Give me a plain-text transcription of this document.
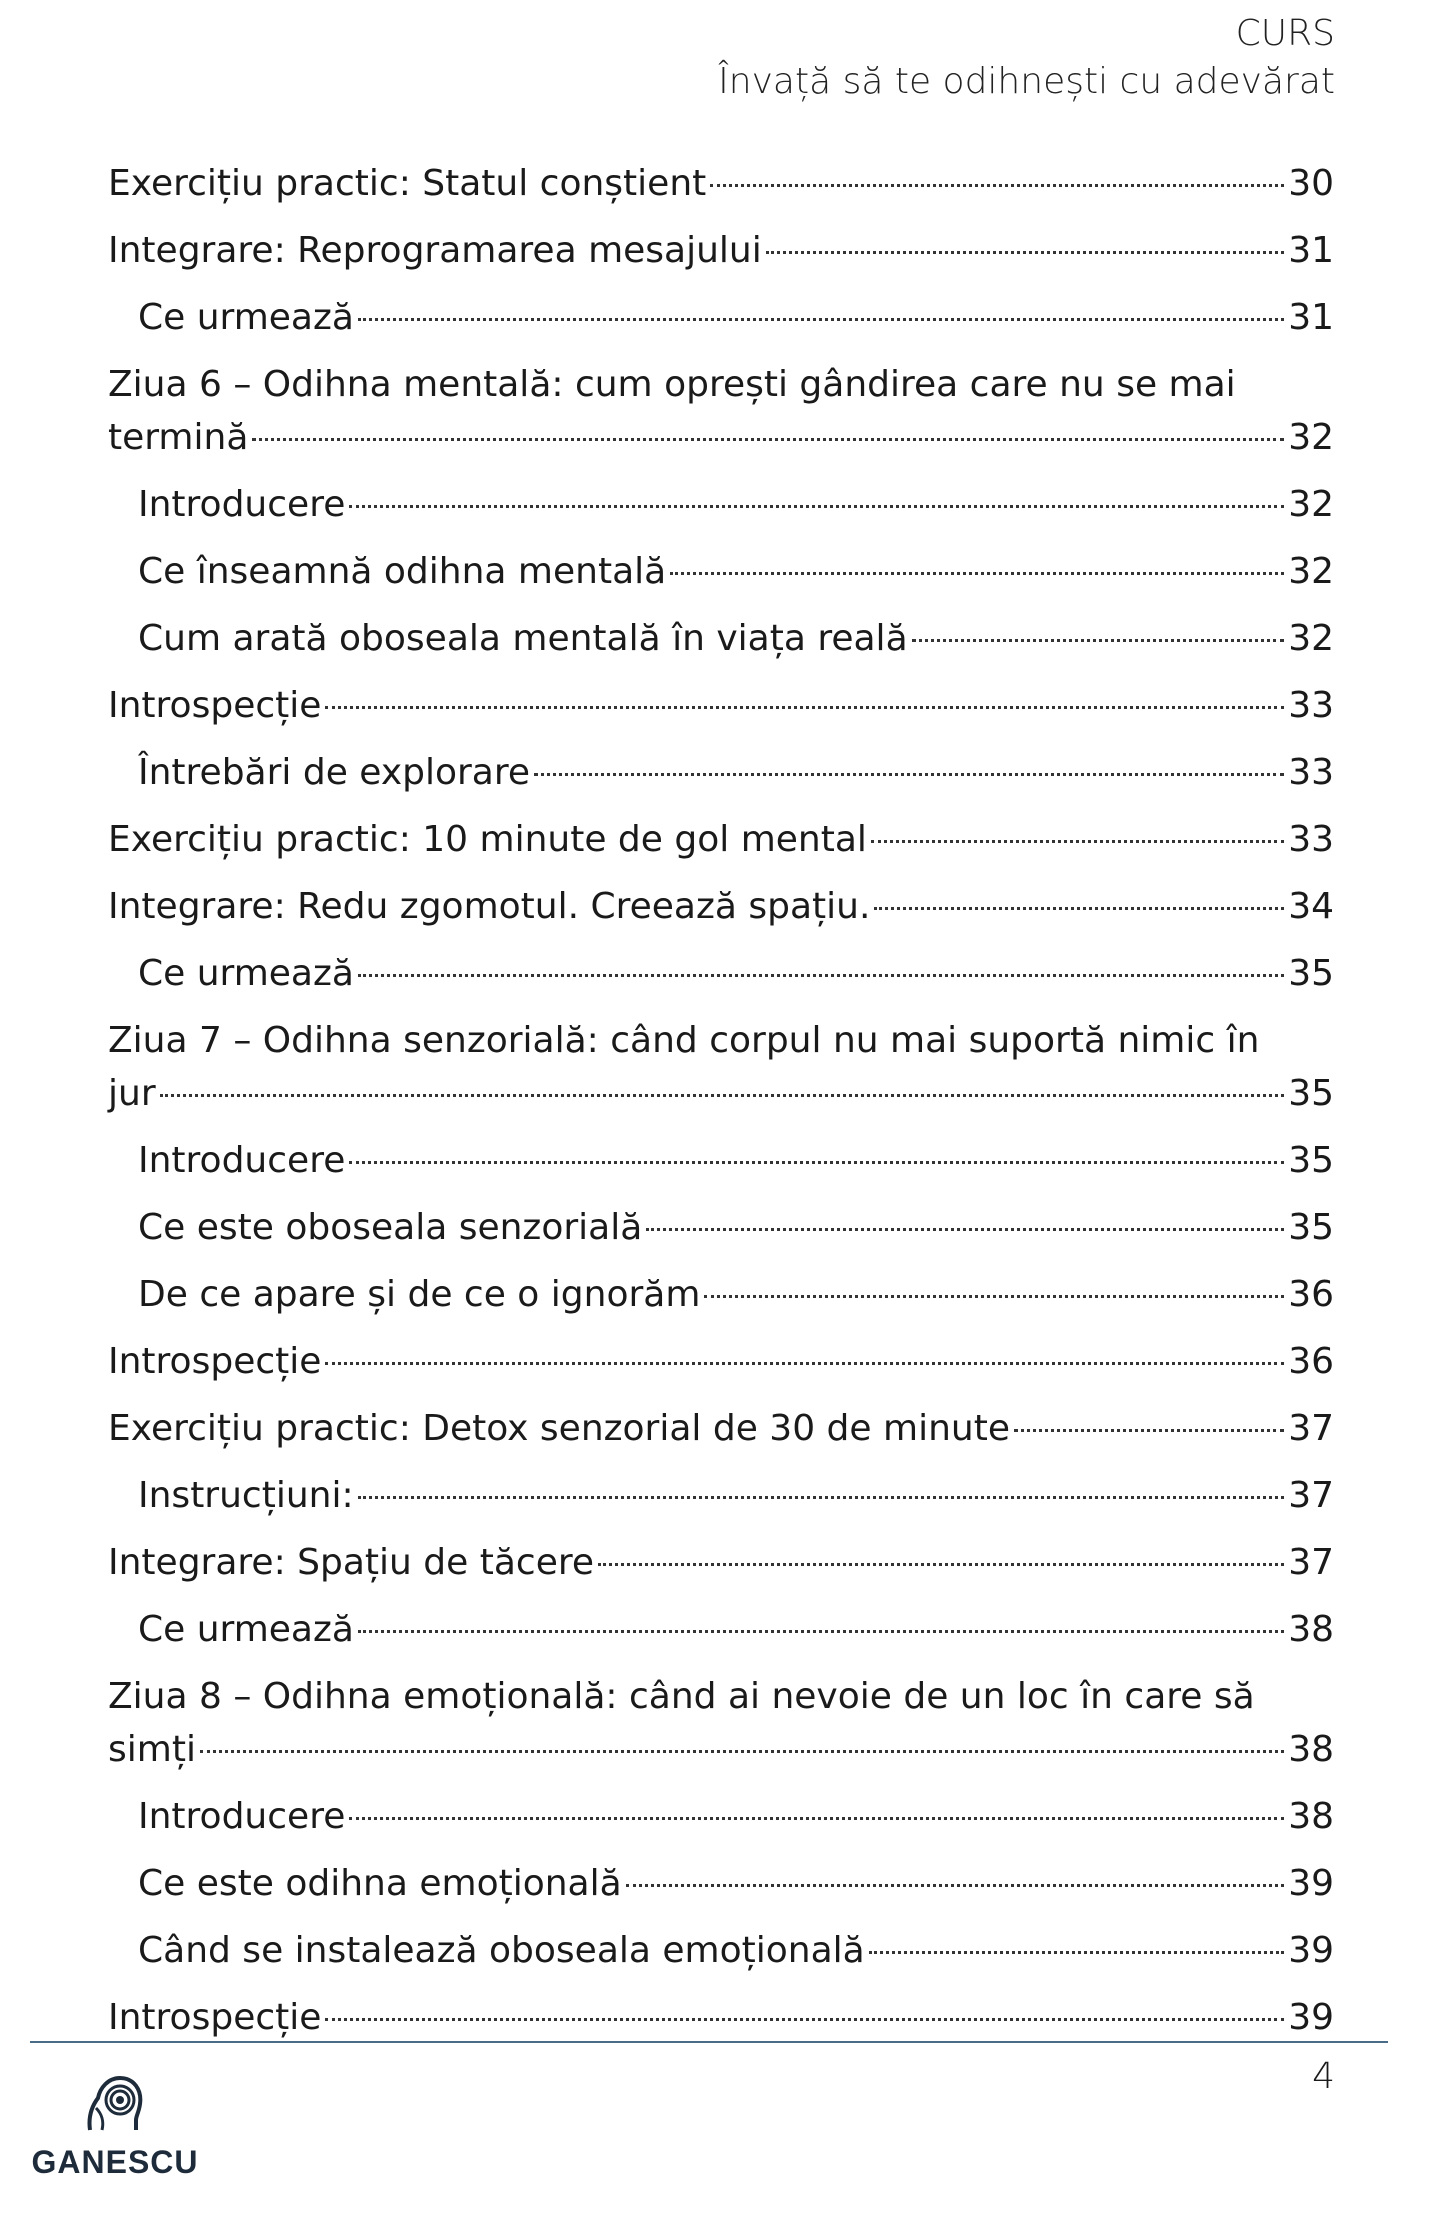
CURS
Învață să te odihnești cu adevărat
Exercițiu practic: Statul conștient	30
Integrare: Reprogramarea mesajului	31
Ce urmează	31
Ziua 6 – Odihna mentală: cum oprești gândirea care nu se mai
termină	32
Introducere	32
Ce înseamnă odihna mentală	32
Cum arată oboseala mentală în viața reală	32
Introspecție	33
Întrebări de explorare	33
Exercițiu practic: 10 minute de gol mental	33
Integrare: Redu zgomotul. Creează spațiu.	34
Ce urmează	35
Ziua 7 – Odihna senzorială: când corpul nu mai suportă nimic în
jur	35
Introducere	35
Ce este oboseala senzorială	35
De ce apare și de ce o ignorăm	36
Introspecție	36
Exercițiu practic: Detox senzorial de 30 de minute	37
Instrucțiuni:	37
Integrare: Spațiu de tăcere	37
Ce urmează	38
Ziua 8 – Odihna emoțională: când ai nevoie de un loc în care să
simți	38
Introducere	38
Ce este odihna emoțională	39
Când se instalează oboseala emoțională	39
Introspecție	39
4
GANESCU
